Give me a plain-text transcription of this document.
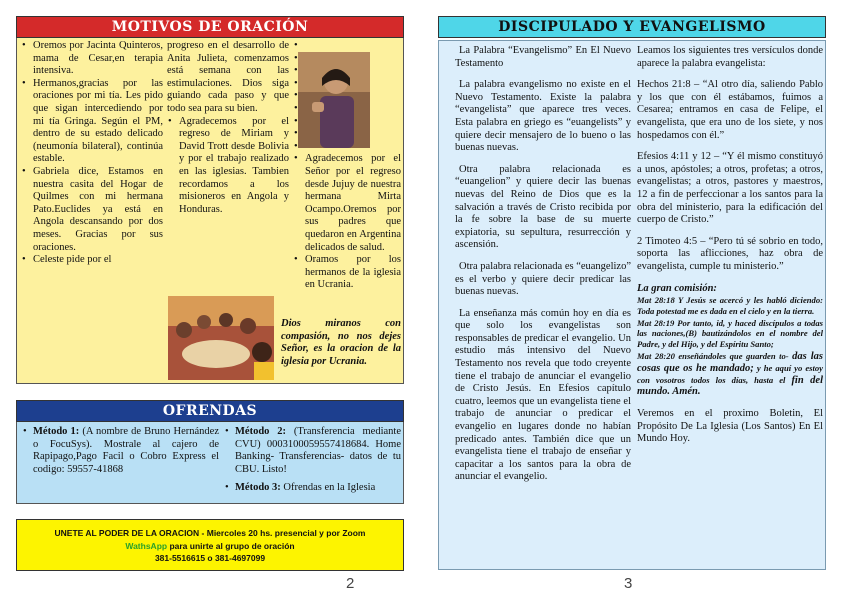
MOTIVOS DE ORACIÓN
• Oremos por Jacinta Quinteros, mama de Cesar,en terapia intensiva.
• Hermanos,gracias por las oraciones por mi tía. Les pido que sigan intercediendo por mi tía Gringa. Según el PM, dentro de su estado delicado (neumonía bilateral), continúa estable.
• Gabriela dice, Estamos en nuestra casita del Hogar de Quilmes con mi hermana Pato.Euclides ya está en Angola descansando por dos meses. Gracias por sus oraciones.
• Celeste pide por el
progreso en el desarrollo de Anita Julieta, comenzamos está semana con las estimulaciones. Dios siga guiando cada paso y que todo sea para su bien.
• Agradecemos por el regreso de Miriam y David Trott desde Bolivia y por el trabajo realizado en las iglesias. Tambien recordamos a los misioneros en Angola y Honduras.
•
•
•
•
•
•
•
•
•
• Agradecemos por el Señor por el regreso desde Jujuy de nuestra hermana Mirta Ocampo.Oremos por sus padres que quedaron en Argentina delicados de salud.
• Oramos por los hermanos de la iglesia en Ucrania.
Dios miranos con compasión, no nos dejes Señor, es la oracion de la iglesia por Ucrania.
OFRENDAS
• Método 1: (A nombre de Bruno Hernández o FocuSys). Mostrale al cajero de Rapipago,Pago Facil o Cobro Express el codigo: 59557-41868
• Método 2: (Transferencia mediante CVU) 0003100059557418684. Home Banking- Transferencias- datos de tu CBU. Listo!
• Método 3: Ofrendas en la Iglesia
UNETE AL PODER DE LA ORACION - Miercoles 20 hs. presencial y por Zoom
WathsApp para unirte al grupo de oración
381-5516615 o 381-4697099
2
DISCIPULADO Y EVANGELISMO
La Palabra “Evangelismo” En El Nuevo Testamento
La palabra evangelismo no existe en el Nuevo Testamento. Existe la palabra “evangelista” que aparece tres veces. Esta palabra en griego es “euangelists” y quiere decir mensajero de lo bueno o las buenas nuevas.
Otra palabra relacionada es “euangelion” y quiere decir las buenas nuevas del Reino de Dios que es la salvación a través de Cristo recibida por la fe sobre la base de su muerte expiatoria, su sepultura, resurrección y ascensión.
Otra palabra relacionada es “euangelizo” es el verbo y quiere decir predicar las buenas nuevas.
La enseñanza más común hoy en día es que solo los evangelistas son responsables de predicar el evangelio. Un estudio más intensivo del Nuevo Testamento nos revela que todo creyente tiene el trabajo de anunciar el evangelio de Cristo Jesús. En Efesios capítulo cuatro, leemos que un evangelista tiene el trabajo de anunciar o predicar el evangelio en lugares donde no habían predicado antes. También dice que un evangelista tiene el trabajo de enseñar y capacitar a los santos para la obra de anunciar el evangelio.
Leamos los siguientes tres versículos donde aparece la palabra evangelista:
Hechos 21:8 – “Al otro día, saliendo Pablo y los que con él estábamos, fuimos a Cesarea; entramos en casa de Felipe, el evangelista, que era uno de los siete, y nos hospedamos con él.”
Efesios 4:11 y 12 – “Y él mismo constituyó a unos, apóstoles; a otros, profetas; a otros, evangelistas; a otros, pastores y maestros, 12 a fin de perfeccionar a los santos para la obra del ministerio, para la edificación del cuerpo de Cristo.”
2 Timoteo 4:5 – “Pero tú sé sobrio en todo, soporta las aflicciones, haz obra de evangelista, cumple tu ministerio.”
La gran comisión:
Mat 28:18 Y Jesús se acercó y les habló diciendo: Toda potestad me es dada en el cielo y en la tierra.
Mat 28:19 Por tanto, id, y haced discípulos a todas las naciones,(B) bautizándolos en el nombre del Padre, y del Hijo, y del Espíritu Santo;
Mat 28:20 enseñándoles que guarden to- das las cosas que os he mandado; y he aquí yo estoy con vosotros todos los días, hasta el fin del mundo. Amén.
Veremos en el proximo Boletin, El Propósito De La Iglesia (Los Santos) En El Mundo Hoy.
3
